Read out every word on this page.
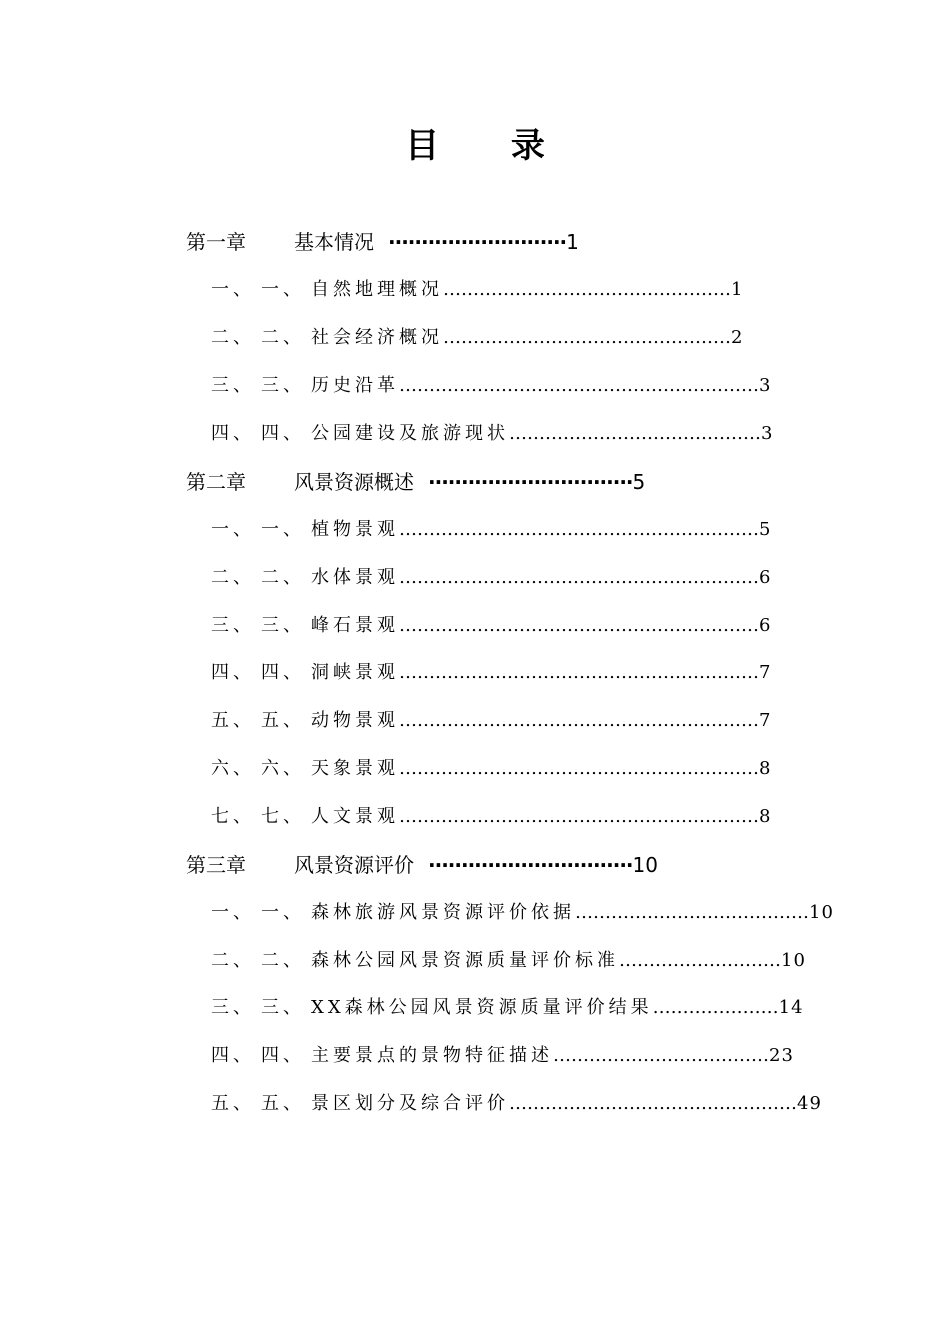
目 录
第一章 基本情况 ···························1
一、 一、 自然地理概况…………………………………………1
二、 二、 社会经济概况…………………………………………2
三、 三、 历史沿革……………………………………………………3
四、 四、 公园建设及旅游现状……………………………………3
第二章 风景资源概述 ·······························5
一、 一、 植物景观……………………………………………………5
二、 二、 水体景观……………………………………………………6
三、 三、 峰石景观……………………………………………………6
四、 四、 洞峡景观……………………………………………………7
五、 五、 动物景观……………………………………………………7
六、 六、 天象景观……………………………………………………8
七、 七、 人文景观……………………………………………………8
第三章 风景资源评价 ·······························10
一、 一、 森林旅游风景资源评价依据…………………………………10
二、 二、 森林公园风景资源质量评价标准………………………10
三、 三、 XX森林公园风景资源质量评价结果…………………14
四、 四、 主要景点的景物特征描述………………………………23
五、 五、 景区划分及综合评价…………………………………………49
